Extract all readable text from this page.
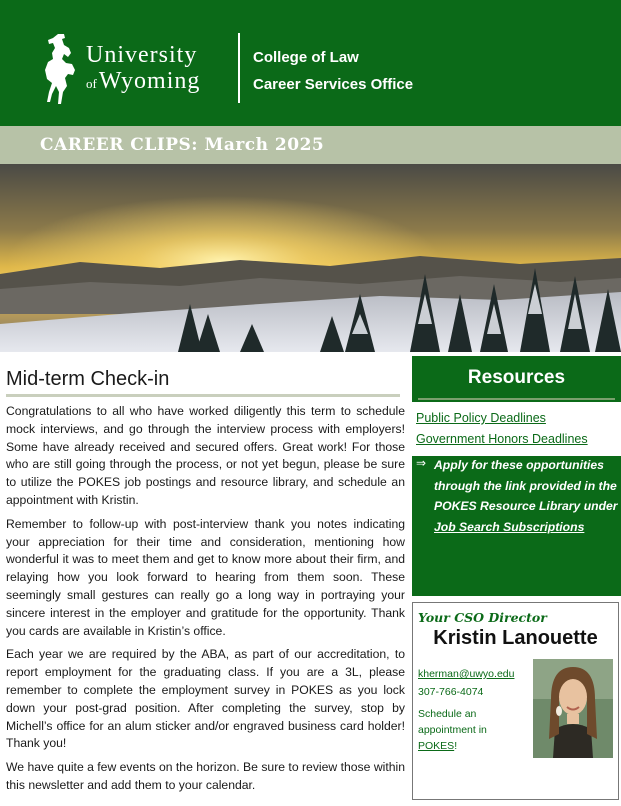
University
ofWyoming
College of Law
Career Services Office
CAREER CLIPS: March 2025
Mid-term Check-in

Congratulations to all who have worked diligently this term to schedule mock interviews, and go through the interview process with employers! Some have already received and secured offers. Great work! For those who are still going through the process, or not yet begun, please be sure to utilize the POKES job postings and resource library, and schedule an appointment with Kristin.

Remember to follow-up with post-interview thank you notes indicating your appreciation for their time and consideration, mentioning how wonderful it was to meet them and get to know more about their firm, and relaying how you look forward to hearing from them soon. These seemingly small gestures can really go a long way in portraying your sincere interest in the employer and gratitude for the opportunity. Thank you cards are available in Kristin’s office.

Each year we are required by the ABA, as part of our accreditation, to report employment for the graduating class. If you are a 3L, please remember to complete the employment survey in POKES as you lock down your post-grad position. After completing the survey, stop by Michell’s office for an alum sticker and/or engraved business card holder! Thank you!

We have quite a few events on the horizon. Be sure to review those within this newsletter and add them to your calendar.

Resources
Public Policy Deadlines
Government Honors Deadlines
⇒ Apply for these opportunities through the link provided in the POKES Resource Library under
Job Search Subscriptions
Your CSO Director
Kristin Lanouette
kherman@uwyo.edu
307-766-4074
Schedule an appointment in POKES!
